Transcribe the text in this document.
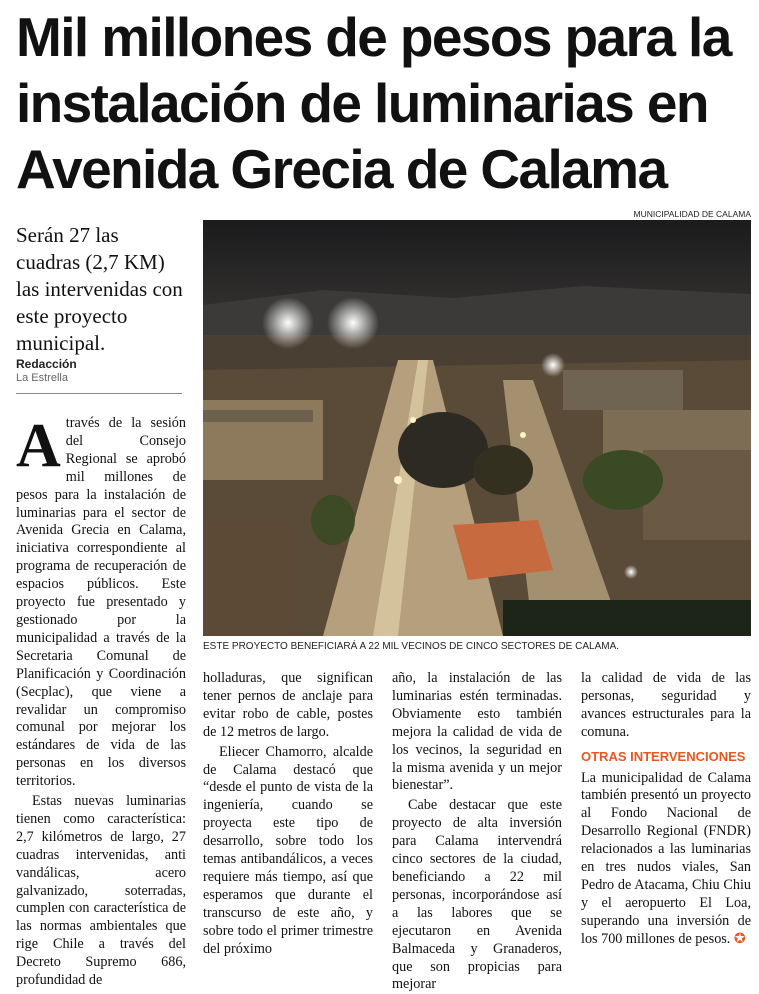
Mil millones de pesos para la
instalación de luminarias en
Avenida Grecia de Calama
MUNICIPALIDAD DE CALAMA
Serán 27 las cuadras (2,7 KM) las intervenidas con este proyecto municipal.
Redacción
La Estrella
ESTE PROYECTO BENEFICIARÁ A 22 MIL VECINOS DE CINCO SECTORES DE CALAMA.

Através de la sesión del Consejo Regional se aprobó mil millones de pesos para la instalación de luminarias para el sector de Avenida Grecia en Calama, iniciativa correspondiente al programa de recuperación de espacios públicos. Este proyecto fue presentado y gestionado por la municipalidad a través de la Secretaria Comunal de Planificación y Coordinación (Secplac), que viene a revalidar un compromiso comunal por mejorar los estándares de vida de las personas en los diversos territorios.

Estas nuevas luminarias tienen como característica: 2,7 kilómetros de largo, 27 cuadras intervenidas, anti vandálicas, acero galvanizado, soterradas, cumplen con característica de las normas ambientales que rige Chile a través del Decreto Supremo 686, profundidad de

holladuras, que significan tener pernos de anclaje para evitar robo de cable, postes de 12 metros de largo.

Eliecer Chamorro, alcalde de Calama destacó que “desde el punto de vista de la ingeniería, cuando se proyecta este tipo de desarrollo, sobre todo los temas antibandálicos, a veces requiere más tiempo, así que esperamos que durante el transcurso de este año, y sobre todo el primer trimestre del próximo

año, la instalación de las luminarias estén terminadas. Obviamente esto también mejora la calidad de vida de los vecinos, la seguridad en la misma avenida y un mejor bienestar”.

Cabe destacar que este proyecto de alta inversión para Calama intervendrá cinco sectores de la ciudad, beneficiando a 22 mil personas, incorporándose así a las labores que se ejecutaron en Avenida Balmaceda y Granaderos, que son propicias para mejorar

la calidad de vida de las personas, seguridad y avances estructurales para la comuna.

OTRAS INTERVENCIONES

La municipalidad de Calama también presentó un proyecto al Fondo Nacional de Desarrollo Regional (FNDR) relacionados a las luminarias en tres nudos viales, San Pedro de Atacama, Chiu Chiu y el aeropuerto El Loa, superando una inversión de los 700 millones de pesos. ✪
